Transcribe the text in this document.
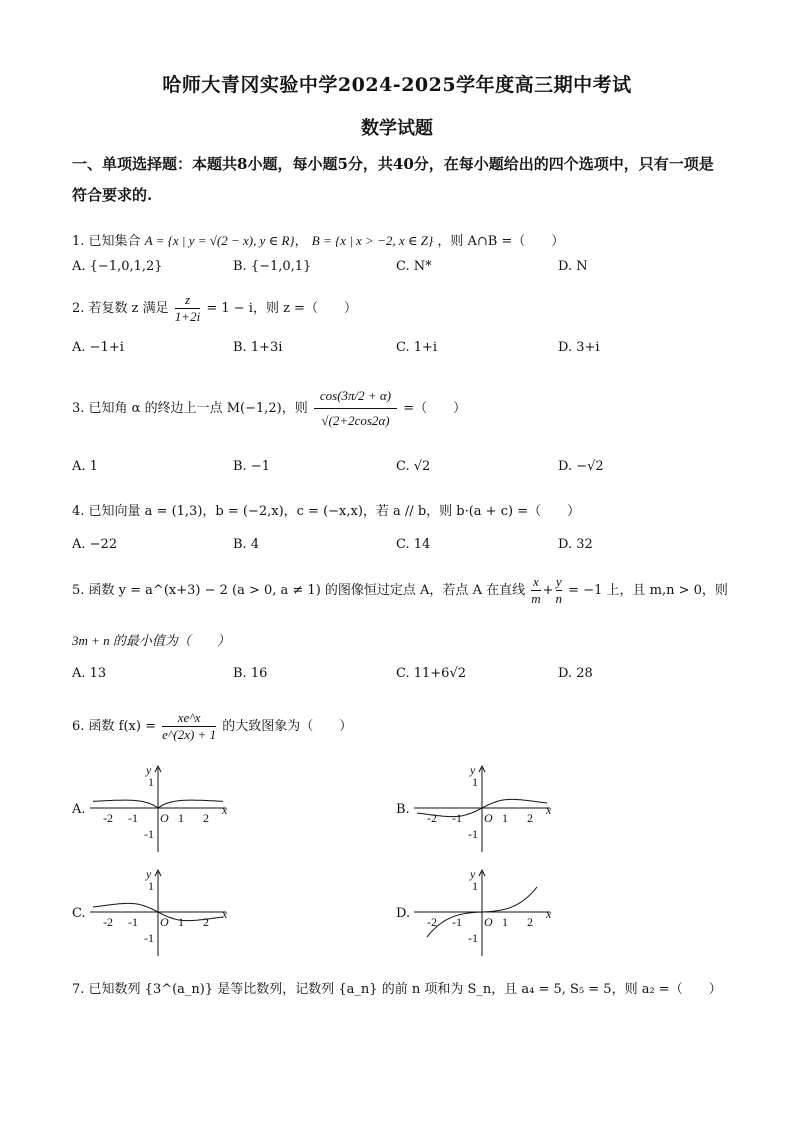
哈师大青冈实验中学2024-2025学年度高三期中考试
数学试题
一、单项选择题：本题共8小题，每小题5分，共40分，在每小题给出的四个选项中，只有一项是符合要求的.
1. 已知集合 A = {x | y = √(2 − x), y ∈ R}， B = {x | x > −2, x ∈ Z} ，则 A∩B =（　　）
A. {−1,0,1,2}	B. {−1,0,1}	C. N*	D. N
2. 若复数 z 满足 $\frac{z}{1+2i} = 1 - i$，则 z =（　　）
A. −1+i	B. 1+3i	C. 1+i	D. 3+i
3. 已知角 α 的终边上一点 M(−1,2)，则 $\frac{\cos(3\pi/2 + \alpha)}{√(2+2\cos 2\alpha)}$ =（　　）
A. 1	B. −1	C. √2	D. −√2
4. 已知向量 a = (1,3)，b = (−2,x)，c = (−x,x)，若 a // b，则 b·(a + c) =（　　）
A. −22	B. 4	C. 14	D. 32
5. 函数 y = a^(x+3) − 2 (a > 0, a ≠ 1) 的图像恒过定点 A，若点 A 在直线 $\frac{x}{m} + \frac{y}{n} = -1$ 上，且 m,n > 0，则
3m + n 的最小值为（　　）
A. 13	B. 16	C. 11+6√2	D. 28
6. 函数 $f(x) = \frac{xe\^{}x}{e\^{}(2x) + 1}$ 的大致图象为（　　）
A.	B.
C.	D.
y
x
O
1
-1
-2 -1	1 2
y
x
O
1
-1
-2 -1	1 2
y
x
O
1
-1
-2 -1	1 2
y
x
O
1
-1
-2 -1	1 2
7. 已知数列 {3^(a_n)} 是等比数列，记数列 {a_n} 的前 n 项和为 S_n，且 a₄ = 5, S₅ = 5，则 a₂ =（　　）
